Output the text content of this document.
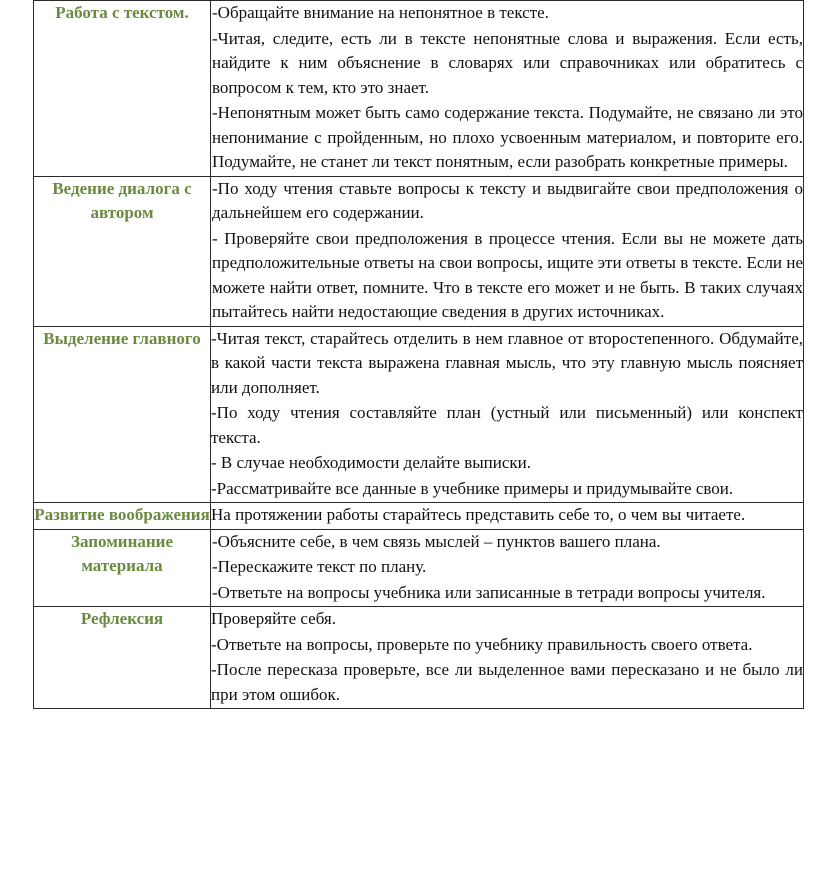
Работа с текстом.	-Обращайте внимание на непонятное в тексте.

-Читая, следите, есть ли в тексте непонятные слова и выражения. Если есть, найдите к ним объяснение в словарях или справочниках или обратитесь с вопросом к тем, кто это знает.

-Непонятным может быть само содержание текста. Подумайте, не связано ли это непонимание с пройденным, но плохо усвоенным материалом, и повторите его. Подумайте, не станет ли текст понятным, если разобрать конкретные примеры.

Ведение диалога с автором	-По ходу чтения ставьте вопросы к тексту и выдвигайте свои предположения о дальнейшем его содержании.

- Проверяйте свои предположения в процессе чтения. Если вы не можете дать предположительные ответы на свои вопросы, ищите эти ответы в тексте. Если не можете найти ответ, помните. Что в тексте его может и не быть. В таких случаях пытайтесь найти недостающие сведения в других источниках.

Выделение главного	-Читая текст, старайтесь отделить в нем главное от второстепенного. Обдумайте, в какой части текста выражена главная мысль, что эту главную мысль поясняет или дополняет.

-По ходу чтения составляйте план (устный или письменный) или конспект текста.

- В случае необходимости делайте выписки.

-Рассматривайте все данные в учебнике примеры и придумывайте свои.

Развитие воображения	На протяжении работы старайтесь представить себе то, о чем вы читаете.

Запоминание материала	-Объясните себе, в чем связь мыслей – пунктов вашего плана.

-Перескажите текст по плану.

-Ответьте на вопросы учебника или записанные в тетради вопросы учителя.

Рефлексия	Проверяйте себя.

-Ответьте на вопросы, проверьте по учебнику правильность своего ответа.

-После пересказа проверьте, все ли выделенное вами пересказано и не было ли при этом ошибок.
